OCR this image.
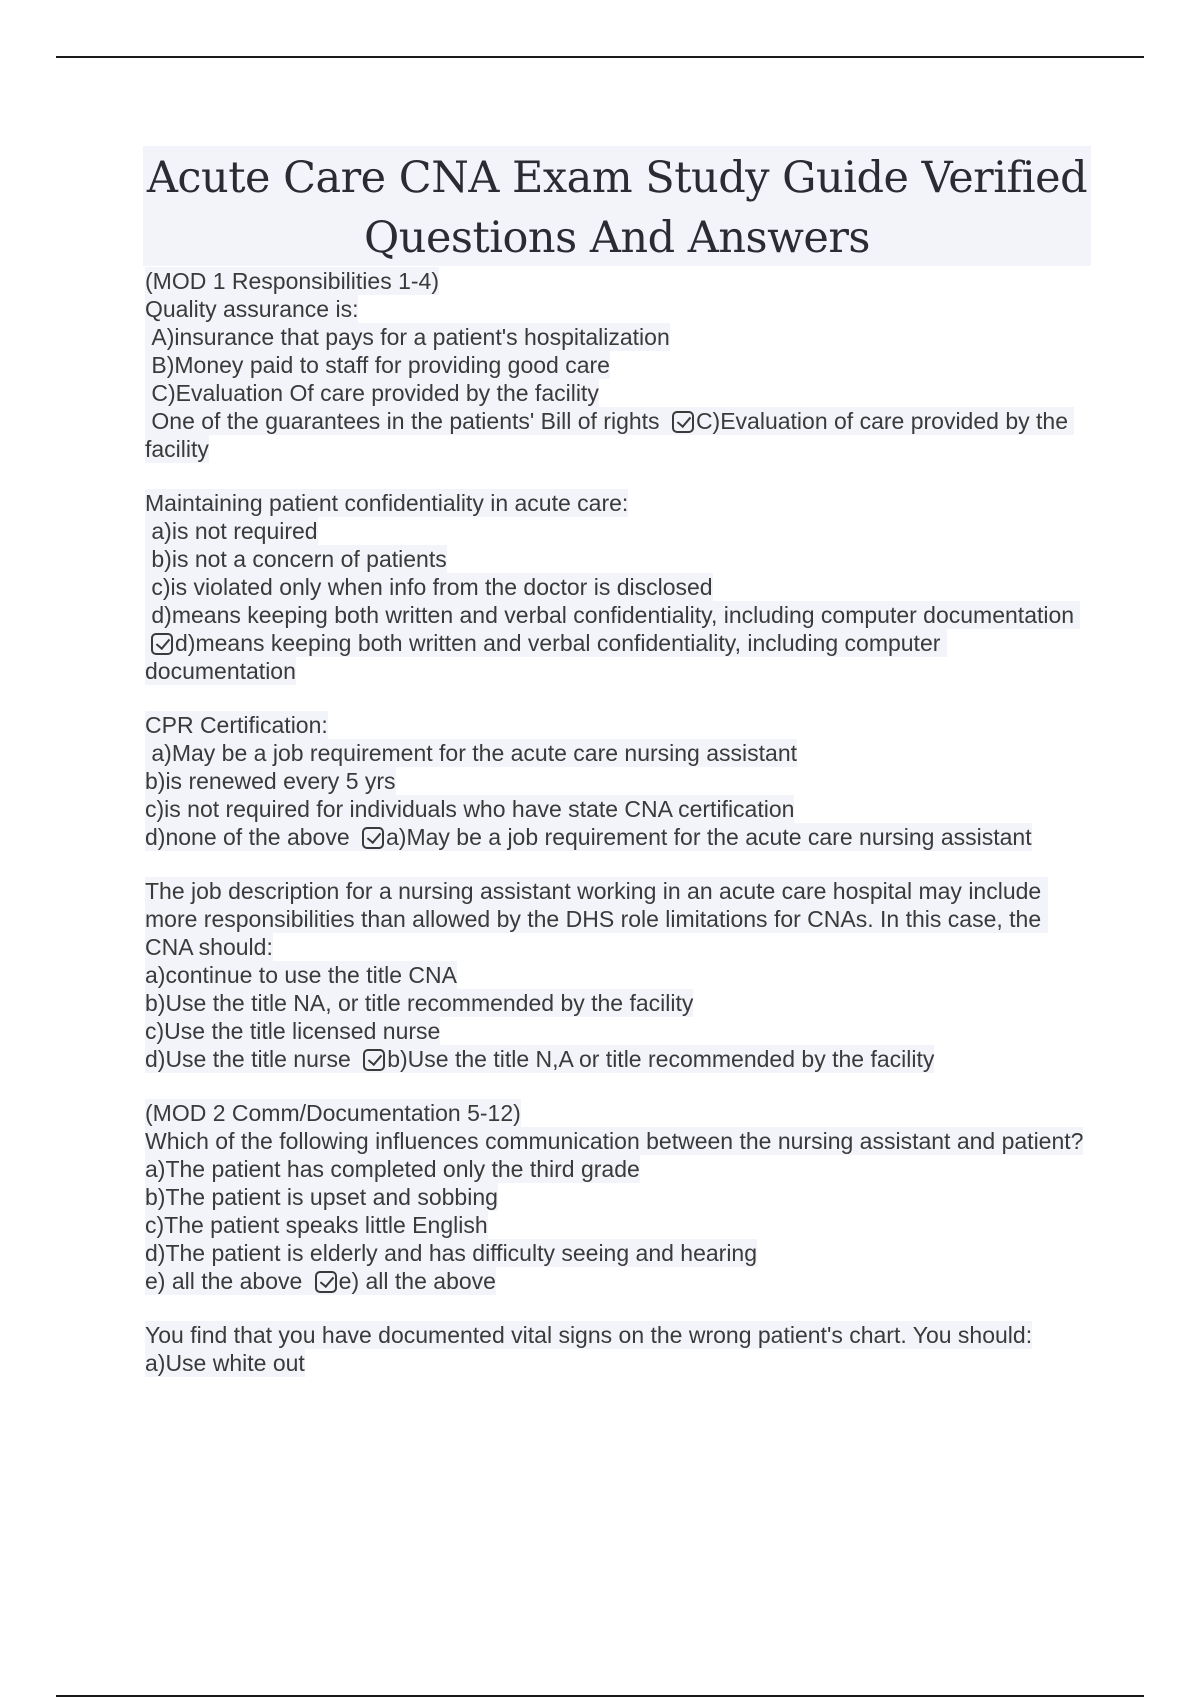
Acute Care CNA Exam Study Guide Verified
Questions And Answers
(MOD 1 Responsibilities 1-4)
Quality assurance is:
A)insurance that pays for a patient's hospitalization
B)Money paid to staff for providing good care
C)Evaluation Of care provided by the facility
One of the guarantees in the patients' Bill of rights C)Evaluation of care provided by the facility
Maintaining patient confidentiality in acute care:
a)is not required
b)is not a concern of patients
c)is violated only when info from the doctor is disclosed
d)means keeping both written and verbal confidentiality, including computer documentation d)means keeping both written and verbal confidentiality, including computer documentation
CPR Certification:
a)May be a job requirement for the acute care nursing assistant
b)is renewed every 5 yrs
c)is not required for individuals who have state CNA certification
d)none of the above a)May be a job requirement for the acute care nursing assistant
The job description for a nursing assistant working in an acute care hospital may include more responsibilities than allowed by the DHS role limitations for CNAs. In this case, the CNA should:
a)continue to use the title CNA
b)Use the title NA, or title recommended by the facility
c)Use the title licensed nurse
d)Use the title nurse b)Use the title N,A or title recommended by the facility
(MOD 2 Comm/Documentation 5-12)
Which of the following influences communication between the nursing assistant and patient?
a)The patient has completed only the third grade
b)The patient is upset and sobbing
c)The patient speaks little English
d)The patient is elderly and has difficulty seeing and hearing
e) all the above e) all the above
You find that you have documented vital signs on the wrong patient's chart. You should:
a)Use white out
